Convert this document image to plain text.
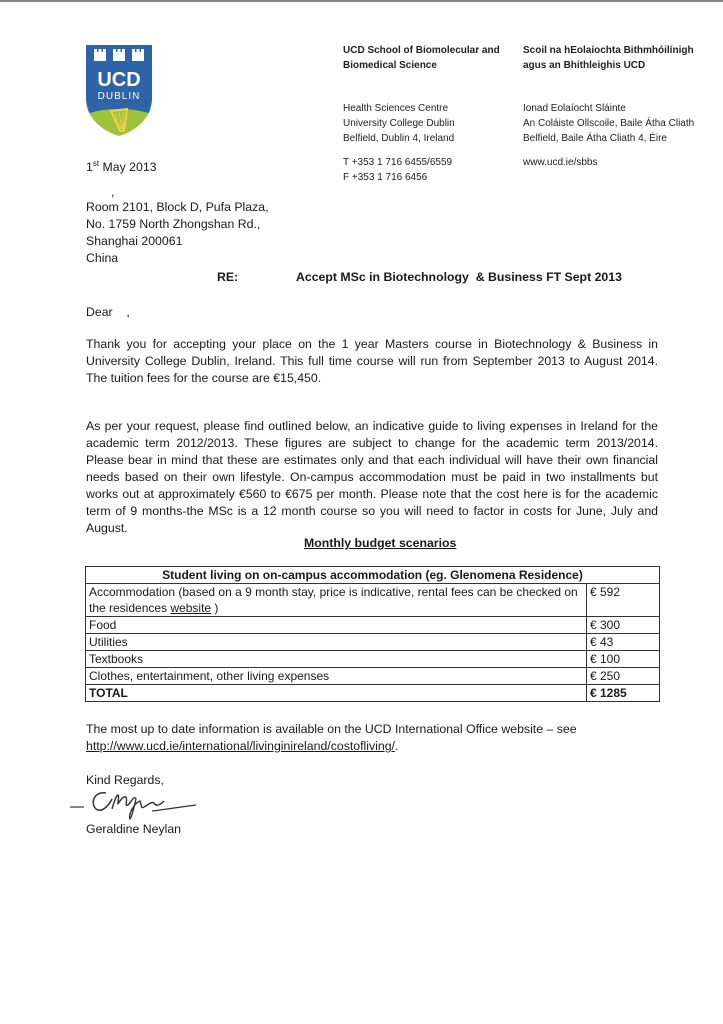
UCD
DUBLIN
UCD School of Biomolecular and
Biomedical Science
Health Sciences Centre
University College Dublin
Belfield, Dublin 4, Ireland
T +353 1 716 6455/6559
F +353 1 716 6456
Scoil na hEolaíochta Bithmhóilínigh
agus an Bhithleighis UCD
Ionad Eolaíocht Sláinte
An Coláiste Ollscoile, Baile Átha Cliath
Belfield, Baile Átha Cliath 4, Éire
www.ucd.ie/sbbs
1st May 2013
,
Room 2101, Block D, Pufa Plaza,
No. 1759 North Zhongshan Rd.,
Shanghai 200061
China
RE:	Accept MSc in Biotechnology  & Business FT Sept 2013
Dear    ,

Thank you for accepting your place on the 1 year Masters course in Biotechnology & Business in University College Dublin, Ireland. This full time course will run from September 2013 to August 2014. The tuition fees for the course are €15,450.

As per your request, please find outlined below, an indicative guide to living expenses in Ireland for the academic term 2012/2013. These figures are subject to change for the academic term 2013/2014. Please bear in mind that these are estimates only and that each individual will have their own financial needs based on their own lifestyle. On-campus accommodation must be paid in two installments but works out at approximately €560 to €675 per month. Please note that the cost here is for the academic term of 9 months-the MSc is a 12 month course so you will need to factor in costs for June, July and August.

Monthly budget scenarios
Student living on on-campus accommodation (eg. Glenomena Residence)	
Accommodation (based on a 9 month stay, price is indicative, rental fees can be checked on the residences website )	€ 592
Food	€ 300
Utilities	€ 43
Textbooks	€ 100
Clothes, entertainment, other living expenses	€ 250
TOTAL	€ 1285
The most up to date information is available on the UCD International Office website – see
http://www.ucd.ie/international/livinginireland/costofliving/.
Kind Regards,
Geraldine Neylan
